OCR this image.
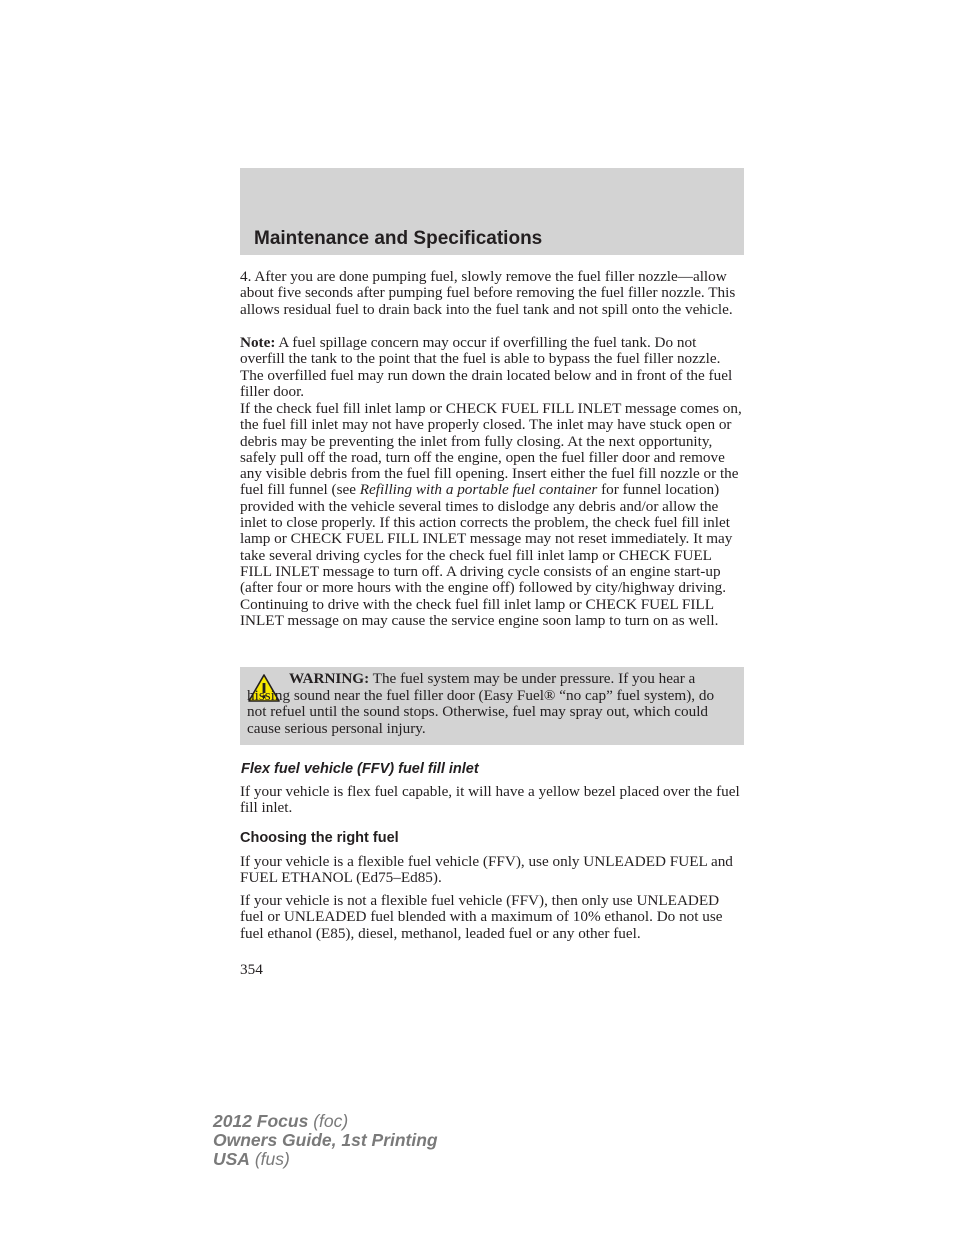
Maintenance and Specifications

4. After you are done pumping fuel, slowly remove the fuel filler nozzle—allow about five seconds after pumping fuel before removing the fuel filler nozzle. This allows residual fuel to drain back into the fuel tank and not spill onto the vehicle.

Note: A fuel spillage concern may occur if overfilling the fuel tank. Do not overfill the tank to the point that the fuel is able to bypass the fuel filler nozzle. The overfilled fuel may run down the drain located below and in front of the fuel filler door.

If the check fuel fill inlet lamp or CHECK FUEL FILL INLET message comes on, the fuel fill inlet may not have properly closed. The inlet may have stuck open or debris may be preventing the inlet from fully closing. At the next opportunity, safely pull off the road, turn off the engine, open the fuel filler door and remove any visible debris from the fuel fill opening. Insert either the fuel fill nozzle or the fuel fill funnel (see Refilling with a portable fuel container for funnel location) provided with the vehicle several times to dislodge any debris and/or allow the inlet to close properly. If this action corrects the problem, the check fuel fill inlet lamp or CHECK FUEL FILL INLET message may not reset immediately. It may take several driving cycles for the check fuel fill inlet lamp or CHECK FUEL FILL INLET message to turn off. A driving cycle consists of an engine start-up (after four or more hours with the engine off) followed by city/highway driving. Continuing to drive with the check fuel fill inlet lamp or CHECK FUEL FILL INLET message on may cause the service engine soon lamp to turn on as well.

WARNING: The fuel system may be under pressure. If you hear a hissing sound near the fuel filler door (Easy Fuel® “no cap” fuel system), do not refuel until the sound stops. Otherwise, fuel may spray out, which could cause serious personal injury.

Flex fuel vehicle (FFV) fuel fill inlet

If your vehicle is flex fuel capable, it will have a yellow bezel placed over the fuel fill inlet.

Choosing the right fuel

If your vehicle is a flexible fuel vehicle (FFV), use only UNLEADED FUEL and FUEL ETHANOL (Ed75–Ed85).

If your vehicle is not a flexible fuel vehicle (FFV), then only use UNLEADED fuel or UNLEADED fuel blended with a maximum of 10% ethanol. Do not use fuel ethanol (E85), diesel, methanol, leaded fuel or any other fuel.

354
2012 Focus (foc)
Owners Guide, 1st Printing
USA (fus)
